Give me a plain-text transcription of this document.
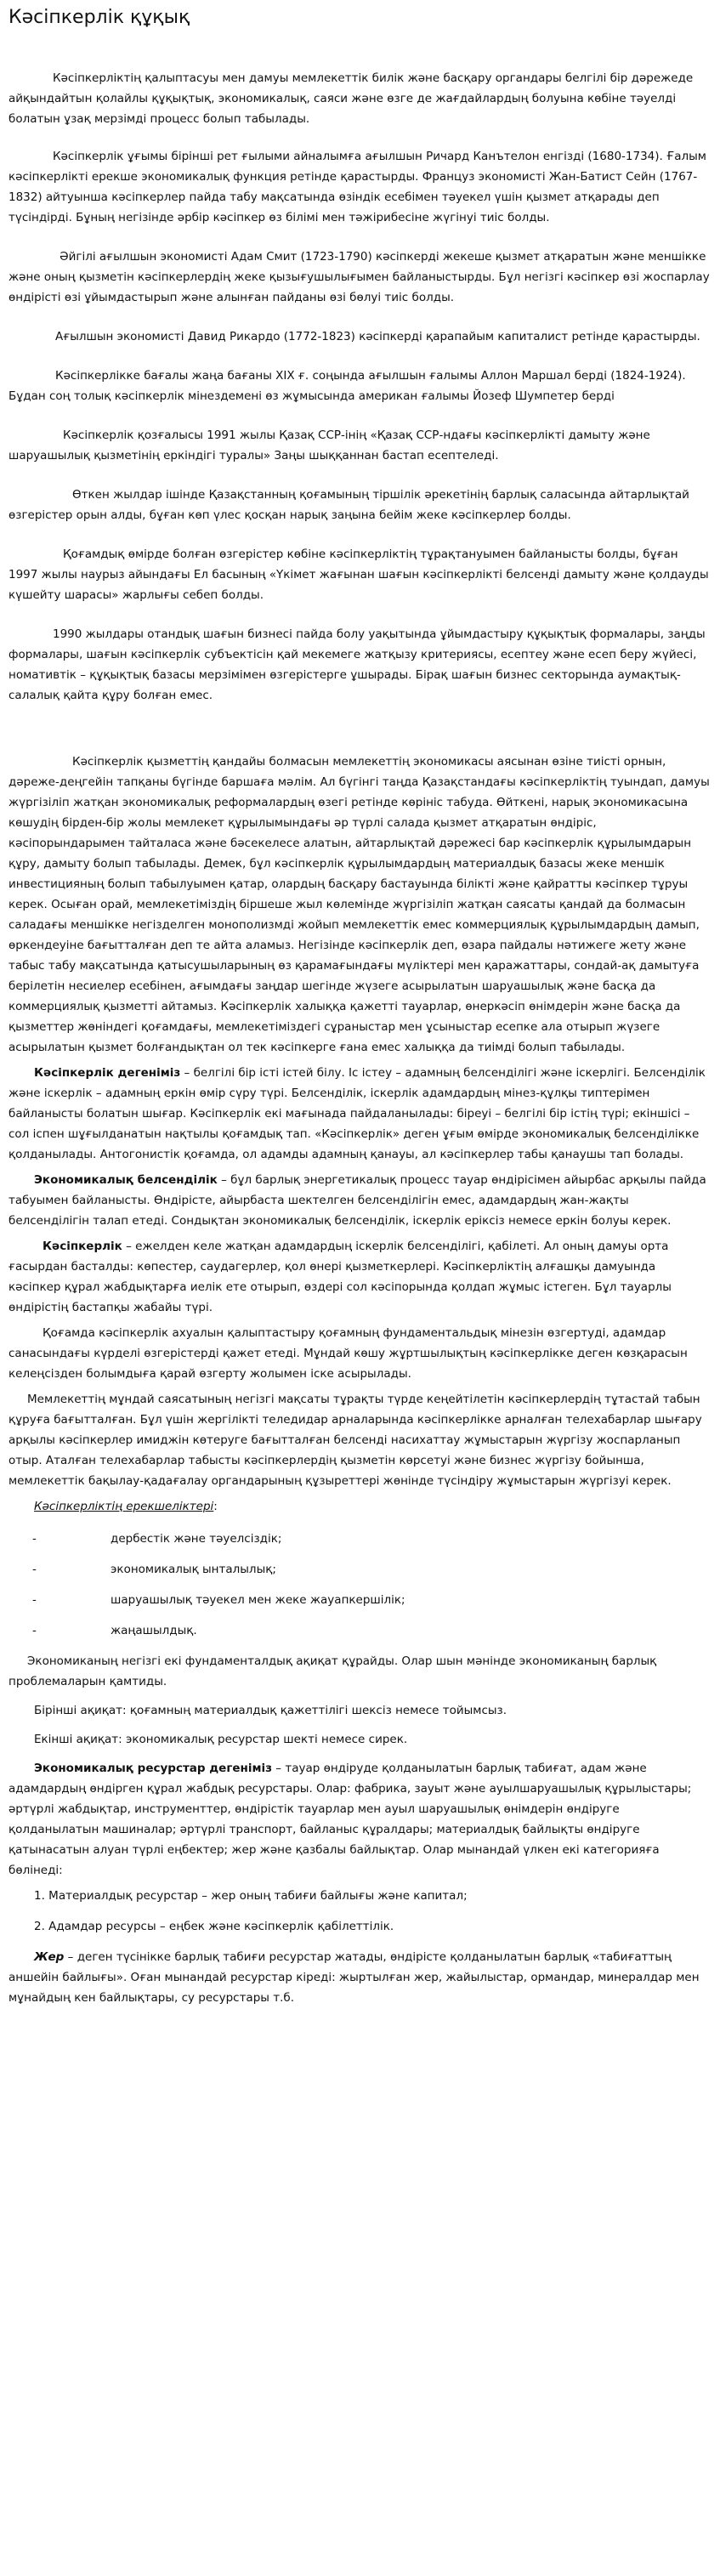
Кәсіпкерлік құқық

Кәсіпкерліктің қалыптасуы мен дамуы мемлекеттік билік және басқару органдары белгілі бір дәрежеде айқындайтын қолайлы құқықтық, экономикалық, саяси және өзге де жағдайлардың болуына көбіне тәуелді болатын ұзақ мерзімді процесс болып табылады.

Кәсіпкерлік ұғымы бірінші рет ғылыми айналымға ағылшын Ричард Канътелон енгізді (1680-1734). Ғалым кәсіпкерлікті ерекше экономикалық функция ретінде қарастырды. Француз экономисті Жан-Батист Сейн (1767-1832) айтуынша кәсіпкерлер пайда табу мақсатында өзіндік есебімен тәуекел үшін қызмет атқарады деп түсіндірді. Бұның негізінде әрбір кәсіпкер өз білімі мен тәжірибесіне жүгінуі тиіс болды.

Әйгілі ағылшын экономисті Адам Смит (1723-1790) кәсіпкерді жекеше қызмет атқаратын және меншікке және оның қызметін кәсіпкерлердің жеке қызығушылығымен байланыстырды. Бұл негізгі кәсіпкер өзі жоспарлау өндірісті өзі ұйымдастырып және алынған пайданы өзі бөлуі тиіс болды.

Ағылшын экономисті Давид Рикардо (1772-1823) кәсіпкерді қарапайым капиталист ретінде қарастырды.

Кәсіпкерлікке бағалы жаңа бағаны XIX ғ. соңында ағылшын ғалымы Аллон Маршал берді (1824-1924). Бұдан соң толық кәсіпкерлік мінездемені өз жұмысында американ ғалымы Йозеф Шумпетер берді

Кәсіпкерлік қозғалысы 1991 жылы Қазақ ССР-інің «Қазақ ССР-ндағы кәсіпкерлікті дамыту және шаруашылық қызметінің еркіндігі туралы» Заңы шыққаннан бастап есептеледі.

Өткен жылдар ішінде Қазақстанның қоғамының тіршілік әрекетінің барлық саласында айтарлықтай өзгерістер орын алды, бұған көп үлес қосқан нарық заңына бейім жеке кәсіпкерлер болды.

Қоғамдық өмірде болған өзгерістер көбіне кәсіпкерліктің тұрақтануымен байланысты болды, бұған 1997 жылы наурыз айындағы Ел басының «Үкімет жағынан шағын кәсіпкерлікті белсенді дамыту және қолдауды күшейту шарасы» жарлығы себеп болды.

1990 жылдары отандық шағын бизнесі пайда болу уақытында ұйымдастыру құқықтық формалары, заңды формалары, шағын кәсіпкерлік субъектісін қай мекемеге жатқызу критериясы, есептеу және есеп беру жүйесі, номативтік – құқықтық базасы мерзімімен өзгерістерге ұшырады. Бірақ шағын бизнес секторында аумақтық-салалық қайта құру болған емес.

Кәсіпкерлік қызметтің қандайы болмасын мемлекеттің экономикасы аясынан өзіне тиісті орнын, дәреже-деңгейін тапқаны бүгінде баршаға мәлім. Ал бүгінгі таңда Қазақстандағы кәсіпкерліктің туындап, дамуы жүргізіліп жатқан экономикалық реформалардың өзегі ретінде көрініс табуда. Өйткені, нарық экономикасына көшудің бірден-бір жолы мемлекет құрылымындағы әр түрлі салада қызмет атқаратын өндіріс, кәсіпорындарымен тайталаса және бәсекелесе алатын, айтарлықтай дәрежесі бар кәсіпкерлік құрылымдарын құру, дамыту болып табылады. Демек, бұл кәсіпкерлік құрылымдардың материалдық базасы жеке меншік инвестицияның болып табылуымен қатар, олардың басқару бастауында білікті және қайратты кәсіпкер тұруы керек. Осыған орай, мемлекетіміздің біршеше жыл көлемінде жүргізіліп жатқан саясаты қандай да болмасын саладағы меншікке негізделген монополизмді жойып мемлекеттік емес коммерциялық құрылымдардың дамып, өркендеуіне бағытталған деп те айта аламыз. Негізінде кәсіпкерлік деп, өзара пайдалы нәтижеге жету және табыс табу мақсатында қатысушыларының өз қарамағындағы мүліктері мен қаражаттары, сондай-ақ дамытуға берілетін несиелер есебінен, ағымдағы заңдар шегінде жүзеге асырылатын шаруашылық және басқа да коммерциялық қызметті айтамыз. Кәсіпкерлік халыққа қажетті тауарлар, өнеркәсіп өнімдерін және басқа да қызметтер жөніндегі қоғамдағы, мемлекетіміздегі сұраныстар мен ұсыныстар есепке ала отырып жүзеге асырылатын қызмет болғандықтан ол тек кәсіпкерге ғана емес халыққа да тиімді болып табылады.

Кәсіпкерлік дегеніміз – белгілі бір істі істей білу. Іс істеу – адамның белсенділігі және іскерлігі. Белсенділік және іскерлік – адамның еркін өмір сүру түрі. Белсенділік, іскерлік адамдардың мінез-құлқы типтерімен байланысты болатын шығар. Кәсіпкерлік екі мағынада пайдаланылады: біреуі – белгілі бір істің түрі; екіншісі – сол іспен шұғылданатын нақтылы қоғамдық тап. «Кәсіпкерлік» деген ұғым өмірде экономикалық белсенділікке қолданылады. Антогонистік қоғамда, ол адамды адамның қанауы, ал кәсіпкерлер табы қанаушы тап болады.

Экономикалық белсенділік – бұл барлық энергетикалық процесс тауар өндірісімен айырбас арқылы пайда табуымен байланысты. Өндірісте, айырбаста шектелген белсенділігін емес, адамдардың жан-жақты белсенділігін талап етеді. Сондықтан экономикалық белсенділік, іскерлік еріксіз немесе еркін болуы керек.

Кәсіпкерлік – ежелден келе жатқан адамдардың іскерлік белсенділігі, қабілеті. Ал оның дамуы орта ғасырдан басталды: көпестер, саудагерлер, қол өнері қызметкерлері. Кәсіпкерліктің алғашқы дамуында кәсіпкер құрал жабдықтарға иелік ете отырып, өздері сол кәсіпорында қолдап жұмыс істеген. Бұл тауарлы өндірістің бастапқы жабайы түрі.

Қоғамда кәсіпкерлік ахуалын қалыптастыру қоғамның фундаментальдық мінезін өзгертуді, адамдар санасындағы күрделі өзгерістерді қажет етеді. Мұндай көшу жұртшылықтың кәсіпкерлікке деген көзқарасын келеңсізден болымдыға қарай өзгерту жолымен іске асырылады.

Мемлекеттің мұндай саясатының негізгі мақсаты тұрақты түрде кеңейтілетін кәсіпкерлердің тұтастай табын құруға бағытталған. Бұл үшін жергілікті теледидар арналарында кәсіпкерлікке арналған телехабарлар шығару арқылы кәсіпкерлер имиджін көтеруге бағытталған белсенді насихаттау жұмыстарын жүргізу жоспарланып отыр. Аталған телехабарлар табысты кәсіпкерлердің қызметін көрсетуі және бизнес жүргізу бойынша, мемлекеттік бақылау-қадағалау органдарының құзыреттері жөнінде түсіндіру жұмыстарын жүргізуі керек.

Кәсіпкерліктің ерекшеліктері:

-	дербестік және тәуелсіздік;
-	экономикалық ынталылық;
-	шаруашылық тәуекел мен жеке жауапкершілік;
-	жаңашылдық.

Экономиканың негізгі екі фундаменталдық ақиқат құрайды. Олар шын мәнінде экономиканың барлық проблемаларын қамтиды.

Бірінші ақиқат: қоғамның материалдық қажеттілігі шексіз немесе тойымсыз.

Екінші ақиқат: экономикалық ресурстар шекті немесе сирек.

Экономикалық ресурстар дегеніміз – тауар өндіруде қолданылатын барлық табиғат, адам және адамдардың өндірген құрал жабдық ресурстары. Олар: фабрика, зауыт және ауылшаруашылық құрылыстары; әртүрлі жабдықтар, инструменттер, өндірістік тауарлар мен ауыл шаруашылық өнімдерін өндіруге қолданылатын машиналар; әртүрлі транспорт, байланыс құралдары; материалдық байлықты өндіруге қатынасатын алуан түрлі еңбектер; жер және қазбалы байлықтар. Олар мынандай үлкен екі категорияға бөлінеді:

1. Материалдық ресурстар – жер оның табиғи байлығы және капитал;
2. Адамдар ресурсы – еңбек және кәсіпкерлік қабілеттілік.

Жер – деген түсінікке барлық табиғи ресурстар жатады, өндірісте қолданылатын барлық «табиғаттың аншейін байлығы». Оған мынандай ресурстар кіреді: жыртылған жер, жайылыстар, ормандар, минералдар мен мұнайдың кен байлықтары, су ресурстары т.б.
